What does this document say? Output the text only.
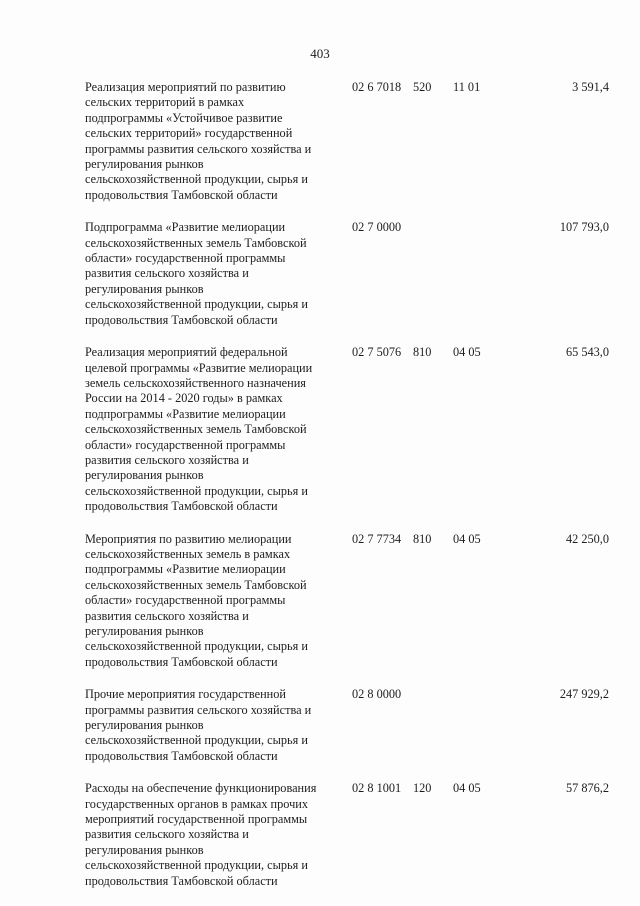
403
Реализация мероприятий по развитию
сельских территорий в рамках
подпрограммы «Устойчивое развитие
сельских территорий» государственной
программы развития сельского хозяйства и
регулирования рынков
сельскохозяйственной продукции, сырья и
продовольствия Тамбовской области
02 6 7018 520 11 01	3 591,4
Подпрограмма «Развитие мелиорации
сельскохозяйственных земель Тамбовской
области» государственной программы
развития сельского хозяйства и
регулирования рынков
сельскохозяйственной продукции, сырья и
продовольствия Тамбовской области
02 7 0000	107 793,0
Реализация мероприятий федеральной
целевой программы «Развитие мелиорации
земель сельскохозяйственного назначения
России на 2014 - 2020 годы» в рамках
подпрограммы «Развитие мелиорации
сельскохозяйственных земель Тамбовской
области» государственной программы
развития сельского хозяйства и
регулирования рынков
сельскохозяйственной продукции, сырья и
продовольствия Тамбовской области
02 7 5076 810 04 05	65 543,0
Мероприятия по развитию мелиорации
сельскохозяйственных земель в рамках
подпрограммы «Развитие мелиорации
сельскохозяйственных земель Тамбовской
области» государственной программы
развития сельского хозяйства и
регулирования рынков
сельскохозяйственной продукции, сырья и
продовольствия Тамбовской области
02 7 7734 810 04 05	42 250,0
Прочие мероприятия государственной
программы развития сельского хозяйства и
регулирования рынков
сельскохозяйственной продукции, сырья и
продовольствия Тамбовской области
02 8 0000	247 929,2
Расходы на обеспечение функционирования
государственных органов в рамках прочих
мероприятий государственной программы
развития сельского хозяйства и
регулирования рынков
сельскохозяйственной продукции, сырья и
продовольствия Тамбовской области
02 8 1001 120 04 05	57 876,2
